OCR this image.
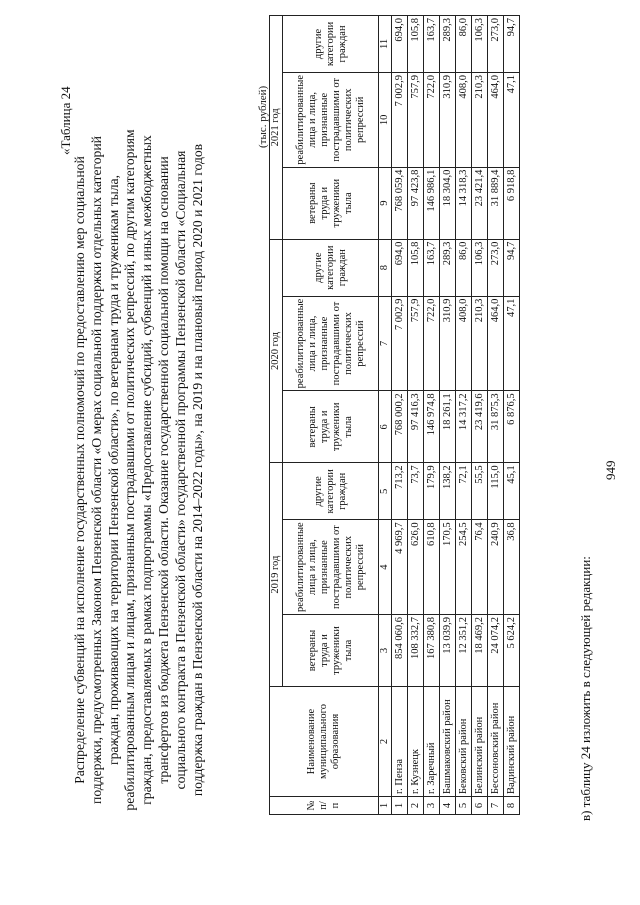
949
в) таблицу 24 изложить в следующей редакции:
«Таблица 24
Распределение субвенций на исполнение государственных полномочий по предоставлению мер социальной поддержки, предусмотренных Законом Пензенской области «О мерах социальной поддержки отдельных категорий граждан, проживающих на территории Пензенской области», по ветеранам труда и труженикам тыла, реабилитированным лицам и лицам, признанным пострадавшими от политических репрессий, по другим категориям граждан, предоставляемых в рамках подпрограммы «Предоставление субсидий, субвенций и иных межбюджетных трансфертов из бюджета Пензенской области. Оказание государственной социальной помощи на основании социального контракта в Пензенской области» государственной программы Пензенской области «Социальная поддержка граждан в Пензенской области на 2014–2022 годы», на 2019 и на плановый период 2020 и 2021 годов
(тыс. рублей)
№ п/п	Наименование муниципального образования	2019 год			2020 год			2021 год		
		ветераны труда и труженики тыла	реабилитированные лица и лица, признанные пострадавшими от политических репрессий	другие категории граждан	ветераны труда и труженики тыла	реабилитированные лица и лица, признанные пострадавшими от политических репрессий	другие категории граждан	ветераны труда и труженики тыла	реабилитированные лица и лица, признанные пострадавшими от политических репрессий	другие категории граждан
1	2	3	4	5	6	7	8	9	10	11
1	г. Пенза	854 060,6	4 969,7	713,2	768 000,2	7 002,9	694,0	768 059,4	7 002,9	694,0
2	г. Кузнецк	108 332,7	626,0	73,7	97 416,3	757,9	105,8	97 423,8	757,9	105,8
3	г. Заречный	167 380,8	610,8	179,9	146 974,8	722,0	163,7	146 986,1	722,0	163,7
4	Башмаковский район	13 039,9	170,5	138,2	18 261,1	310,9	289,3	18 304,0	310,9	289,3
5	Бековский район	12 351,2	254,5	72,1	14 317,2	408,0	86,0	14 318,3	408,0	86,0
6	Белинский район	18 469,2	76,4	55,5	23 419,6	210,3	106,3	23 421,4	210,3	106,3
7	Бессоновский район	24 074,2	240,9	115,0	31 875,3	464,0	273,0	31 889,4	464,0	273,0
8	Вадинский район	5 624,2	36,8	45,1	6 876,5	47,1	94,7	6 918,8	47,1	94,7
